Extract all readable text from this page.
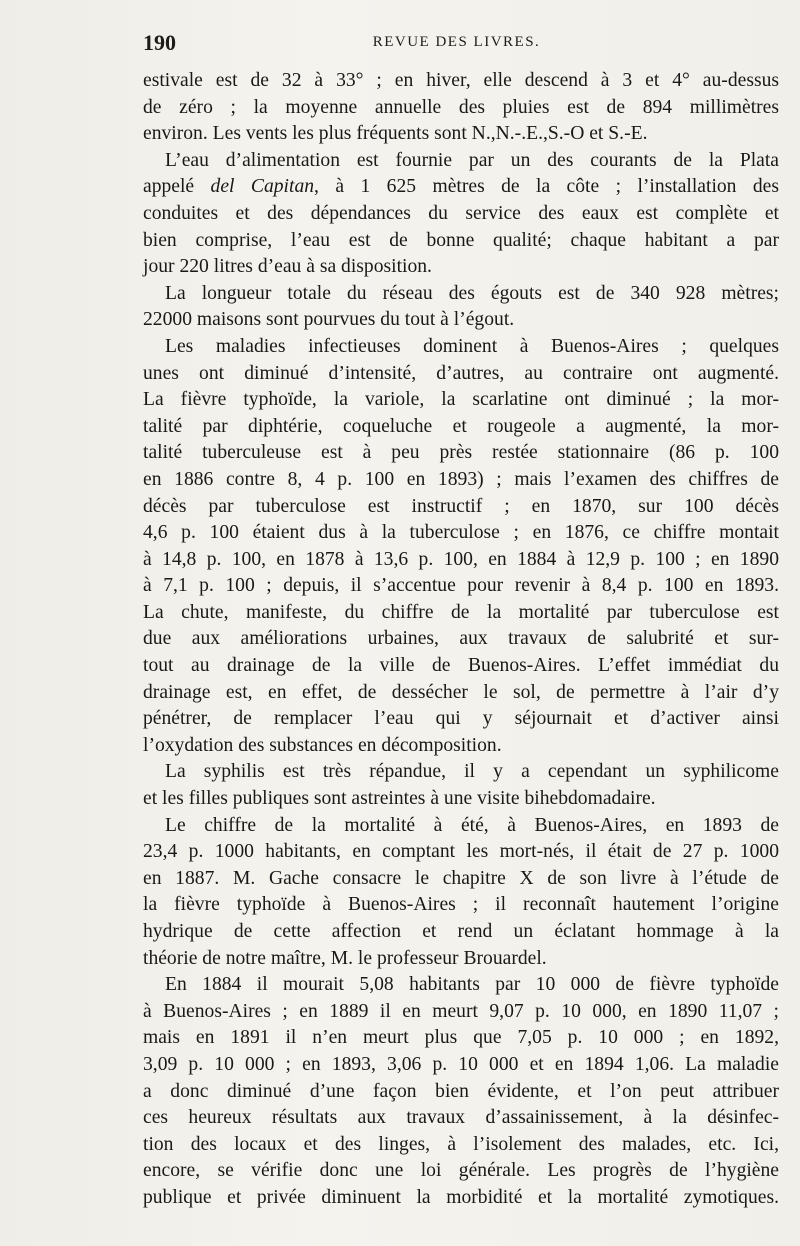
190	REVUE DES LIVRES.
estivale est de 32 à 33° ; en hiver, elle descend à 3 et 4° au-dessus
de zéro ; la moyenne annuelle des pluies est de 894 millimètres
environ. Les vents les plus fréquents sont N.,N.-.E.,S.-O et S.-E.
L’eau d’alimentation est fournie par un des courants de la Plata
appelé del Capitan, à 1 625 mètres de la côte ; l’installation des
conduites et des dépendances du service des eaux est complète et
bien comprise, l’eau est de bonne qualité; chaque habitant a par
jour 220 litres d’eau à sa disposition.
La longueur totale du réseau des égouts est de 340 928 mètres;
22000 maisons sont pourvues du tout à l’égout.
Les maladies infectieuses dominent à Buenos-Aires ; quelques
unes ont diminué d’intensité, d’autres, au contraire ont augmenté.
La fièvre typhoïde, la variole, la scarlatine ont diminué ; la mor-
talité par diphtérie, coqueluche et rougeole a augmenté, la mor-
talité tuberculeuse est à peu près restée stationnaire (86 p. 100
en 1886 contre 8, 4 p. 100 en 1893) ; mais l’examen des chiffres de
décès par tuberculose est instructif ; en 1870, sur 100 décès
4,6 p. 100 étaient dus à la tuberculose ; en 1876, ce chiffre montait
à 14,8 p. 100, en 1878 à 13,6 p. 100, en 1884 à 12,9 p. 100 ; en 1890
à 7,1 p. 100 ; depuis, il s’accentue pour revenir à 8,4 p. 100 en 1893.
La chute, manifeste, du chiffre de la mortalité par tuberculose est
due aux améliorations urbaines, aux travaux de salubrité et sur-
tout au drainage de la ville de Buenos-Aires. L’effet immédiat du
drainage est, en effet, de dessécher le sol, de permettre à l’air d’y
pénétrer, de remplacer l’eau qui y séjournait et d’activer ainsi
l’oxydation des substances en décomposition.
La syphilis est très répandue, il y a cependant un syphilicome
et les filles publiques sont astreintes à une visite bihebdomadaire.
Le chiffre de la mortalité à été, à Buenos-Aires, en 1893 de
23,4 p. 1000 habitants, en comptant les mort-nés, il était de 27 p. 1000
en 1887. M. Gache consacre le chapitre X de son livre à l’étude de
la fièvre typhoïde à Buenos-Aires ; il reconnaît hautement l’origine
hydrique de cette affection et rend un éclatant hommage à la
théorie de notre maître, M. le professeur Brouardel.
En 1884 il mourait 5,08 habitants par 10 000 de fièvre typhoïde
à Buenos-Aires ; en 1889 il en meurt 9,07 p. 10 000, en 1890 11,07 ;
mais en 1891 il n’en meurt plus que 7,05 p. 10 000 ; en 1892,
3,09 p. 10 000 ; en 1893, 3,06 p. 10 000 et en 1894 1,06. La maladie
a donc diminué d’une façon bien évidente, et l’on peut attribuer
ces heureux résultats aux travaux d’assainissement, à la désinfec-
tion des locaux et des linges, à l’isolement des malades, etc. Ici,
encore, se vérifie donc une loi générale. Les progrès de l’hygiène
publique et privée diminuent la morbidité et la mortalité zymotiques.
